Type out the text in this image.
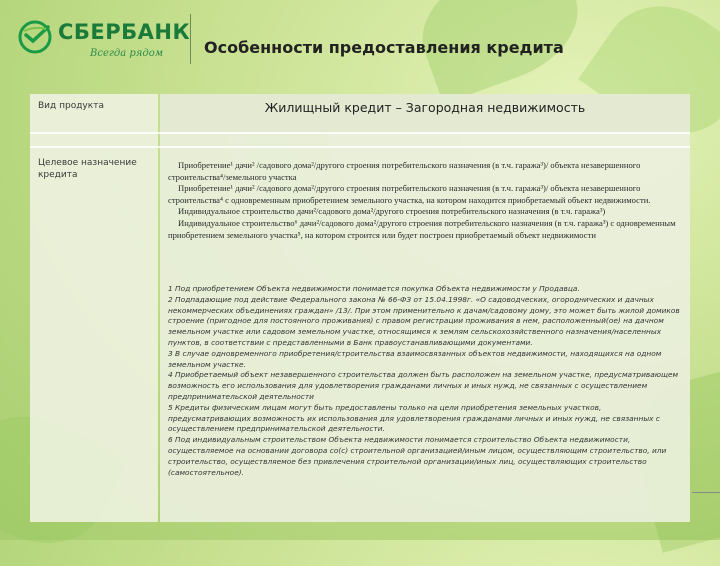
СБЕРБАНК
Всегда рядом	Особенности предоставления кредита
Вид продукта	Жилищный кредит – Загородная недвижимость
Целевое назначение кредита

Приобретение¹ дачи² /садового дома²/другого строения потребительского назначения (в т.ч. гаража³)/ объекта незавершенного строительства⁴/земельного участка

Приобретение¹ дачи² /садового дома²/другого строения потребительского назначения (в т.ч. гаража³)/ объекта незавершенного строительства⁴ с одновременным приобретением земельного участка, на котором находится приобретаемый объект недвижимости.

Индивидуальное строительство дачи²/садового дома²/другого строения потребительского назначения (в т.ч. гаража³)

Индивидуальное строительство⁶ дачи²/садового дома²/другого строения потребительского назначения (в т.ч. гаража³) с одновременным приобретением земельного участка⁵, на котором строится или будет построен приобретаемый объект недвижимости

1 Под приобретением Объекта недвижимости понимается покупка Объекта недвижимости у Продавца.

2 Подпадающие под действие Федерального закона № 66-ФЗ от 15.04.1998г. «О садоводческих, огороднических и дачных некоммерческих объединениях граждан» /13/. При этом применительно к дачам/садовому дому, это может быть жилой домиков строение (пригодное для постоянного проживания) с правом регистрации проживания в нем, расположенный(ое) на дачном земельном участке или садовом земельном участке, относящимся к землям сельскохозяйственного назначения/населенных пунктов, в соответствии с представленными в Банк правоустанавливающими документами.

3 В случае одновременного приобретения/строительства взаимосвязанных объектов недвижимости, находящихся на одном земельном участке.

4 Приобретаемый объект незавершенного строительства должен быть расположен на земельном участке, предусматривающем возможность его использования для удовлетворения гражданами личных и иных нужд, не связанных с осуществлением предпринимательской деятельности

5 Кредиты физическим лицам могут быть предоставлены только на цели приобретения земельных участков, предусматривающих возможность их использования для удовлетворения гражданами личных и иных нужд, не связанных с осуществлением предпринимательской деятельности.

6 Под индивидуальным строительством Объекта недвижимости понимается строительство Объекта недвижимости, осуществляемое на основании договора со(с) строительной организацией/иным лицом, осуществляющим строительство, или строительство, осуществляемое без привлечения строительной организации/иных лиц, осуществляющих строительство (самостоятельное).
